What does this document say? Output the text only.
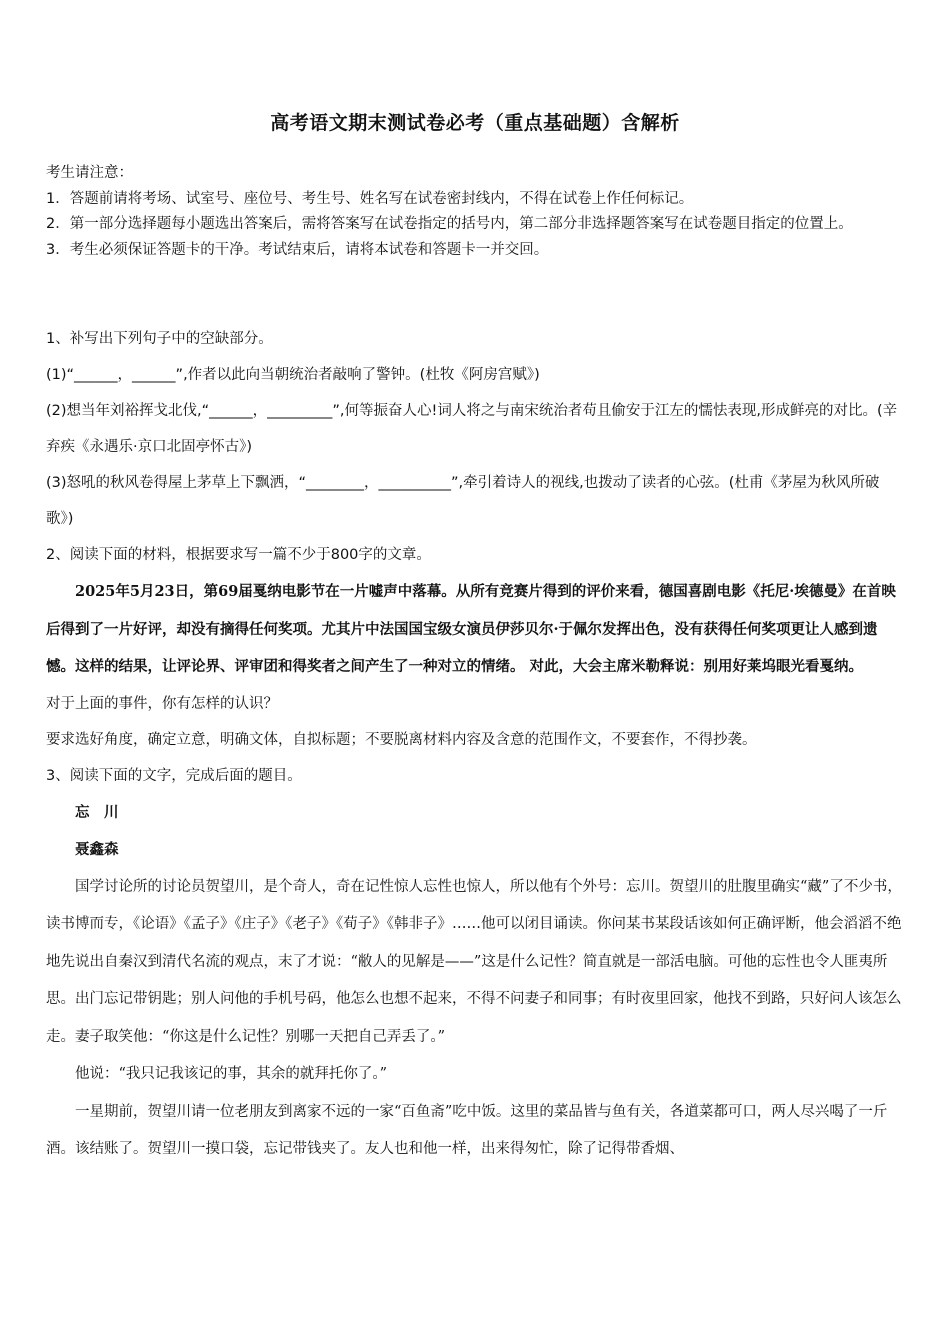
高考语文期末测试卷必考（重点基础题）含解析

考生请注意：

1．答题前请将考场、试室号、座位号、考生号、姓名写在试卷密封线内，不得在试卷上作任何标记。

2．第一部分选择题每小题选出答案后，需将答案写在试卷指定的括号内，第二部分非选择题答案写在试卷题目指定的位置上。

3．考生必须保证答题卡的干净。考试结束后，请将本试卷和答题卡一并交回。

1、补写出下列句子中的空缺部分。

(1)“______，______”,作者以此向当朝统治者敲响了警钟。(杜牧《阿房宫赋》)

(2)想当年刘裕挥戈北伐,“______，_________”,何等振奋人心!词人将之与南宋统治者苟且偷安于江左的懦怯表现,形成鲜亮的对比。(辛弃疾《永遇乐·京口北固亭怀古》)

(3)怒吼的秋风卷得屋上茅草上下飘洒，“________，__________”,牵引着诗人的视线,也拨动了读者的心弦。(杜甫《茅屋为秋风所破歌》)

2、阅读下面的材料，根据要求写一篇不少于800字的文章。

2025年5月23日，第69届戛纳电影节在一片嘘声中落幕。从所有竞赛片得到的评价来看，德国喜剧电影《托尼·埃德曼》在首映后得到了一片好评，却没有摘得任何奖项。尤其片中法国国宝级女演员伊莎贝尔·于佩尔发挥出色，没有获得任何奖项更让人感到遗憾。这样的结果，让评论界、评审团和得奖者之间产生了一种对立的情绪。 对此，大会主席米勒释说：别用好莱坞眼光看戛纳。

对于上面的事件，你有怎样的认识？

要求选好角度，确定立意，明确文体，自拟标题；不要脱离材料内容及含意的范围作文，不要套作，不得抄袭。

3、阅读下面的文字，完成后面的题目。

忘　川

聂鑫森

国学讨论所的讨论员贺望川，是个奇人，奇在记性惊人忘性也惊人，所以他有个外号：忘川。贺望川的肚腹里确实“藏”了不少书，读书博而专，《论语》《孟子》《庄子》《老子》《荀子》《韩非子》……他可以闭目诵读。你问某书某段话该如何正确评断，他会滔滔不绝地先说出自秦汉到清代名流的观点，末了才说：“敝人的见解是——”这是什么记性？简直就是一部活电脑。可他的忘性也令人匪夷所思。出门忘记带钥匙；别人问他的手机号码，他怎么也想不起来，不得不问妻子和同事；有时夜里回家，他找不到路，只好问人该怎么走。妻子取笑他：“你这是什么记性？别哪一天把自己弄丢了。”

他说：“我只记我该记的事，其余的就拜托你了。”

一星期前，贺望川请一位老朋友到离家不远的一家“百鱼斋”吃中饭。这里的菜品皆与鱼有关，各道菜都可口，两人尽兴喝了一斤酒。该结账了。贺望川一摸口袋，忘记带钱夹了。友人也和他一样，出来得匆忙，除了记得带香烟、
